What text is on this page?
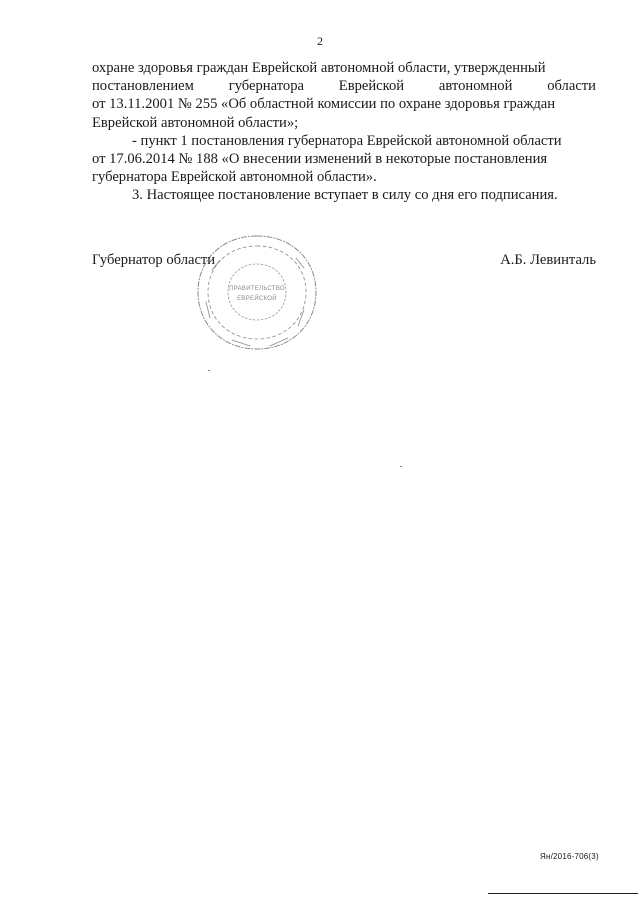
2

охране здоровья граждан Еврейской автономной области, утвержденный

постановлением губернатора Еврейской автономной области
от 13.11.2001 № 255 «Об областной комиссии по охране здоровья граждан
Еврейской автономной области»;

- пункт 1 постановления губернатора Еврейской автономной области
от 17.06.2014 № 188 «О внесении изменений в некоторые постановления
губернатора Еврейской автономной области».

3. Настоящее постановление вступает в силу со дня его подписания.

ПРАВИТЕЛЬСТВО
ЕВРЕЙСКОЙ
Губернатор области	А.Б. Левинталь
Ян/2016-706(3)
